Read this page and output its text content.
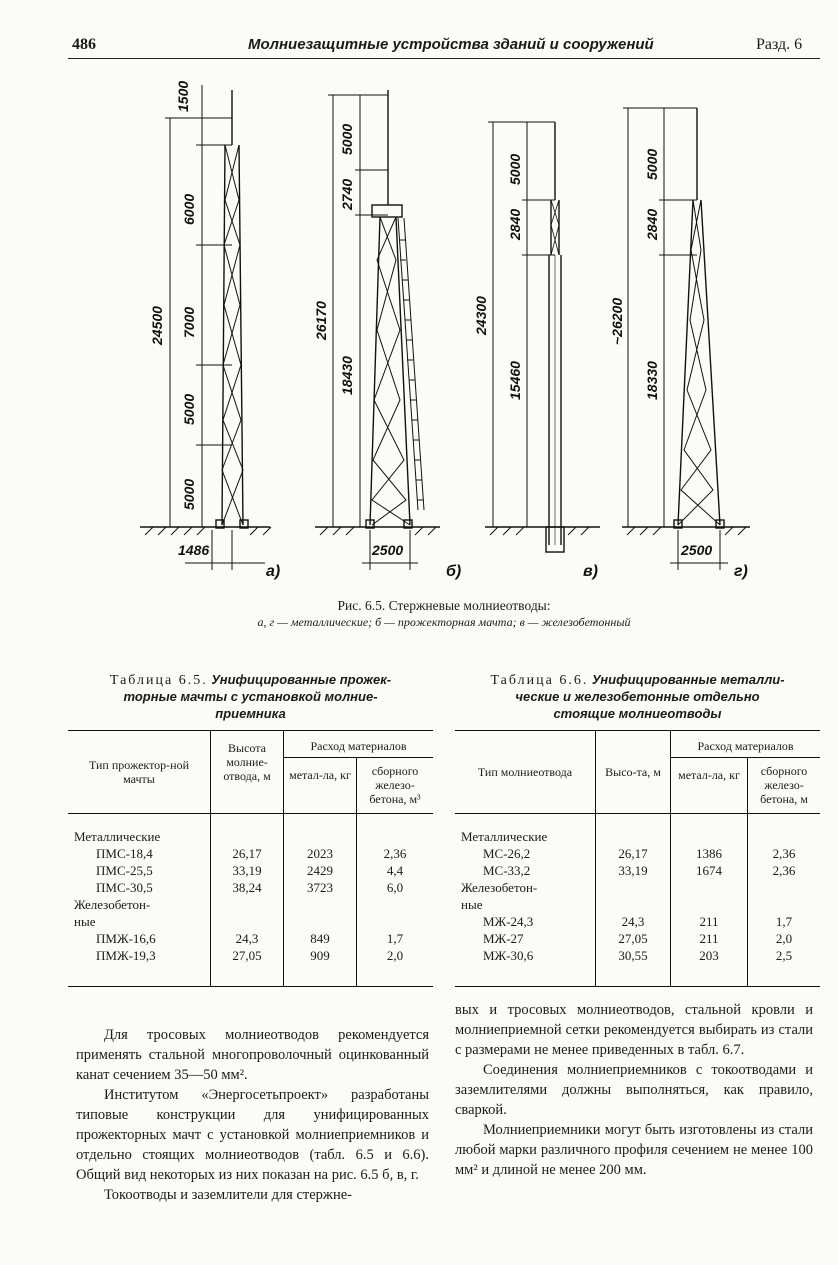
486	Молниезащитные устройства зданий и сооружений	Разд. 6
1500
6000
7000
5000
5000
24500
1486
а)
5000
2740
26170
18430
2500
б)
5000
2840
24300
15460
в)
5000
2840
~26200
18330
2500
г)
Рис. 6.5. Стержневые молниеотводы:
а, г — металлические; б — прожекторная мачта; в — железобетонный
Таблица 6.5. Унифицированные прожек-
торные мачты с установкой молние-
приемника
Тип прожектор-ной мачты	Высота молние-отвода, м	Расход материалов	
		метал-ла, кг	сборного железо-бетона, м³
Металлические			
ПМС-18,4	26,17	2023	2,36
ПМС-25,5	33,19	2429	4,4
ПМС-30,5	38,24	3723	6,0
Железобетон-			
ные			
ПМЖ-16,6	24,3	849	1,7
ПМЖ-19,3	27,05	909	2,0
Таблица 6.6. Унифицированные металли-
ческие и железобетонные отдельно
стоящие молниеотводы
Тип молниеотвода	Высо-та, м	Расход материалов	
		метал-ла, кг	сборного железо-бетона, м
Металлические			
МС-26,2	26,17	1386	2,36
МС-33,2	33,19	1674	2,36
Железобетон-			
ные			
МЖ-24,3	24,3	211	1,7
МЖ-27	27,05	211	2,0
МЖ-30,6	30,55	203	2,5

Для тросовых молниеотводов рекомендуется применять стальной многопроволочный оцинкованный канат сечением 35—50 мм².

Институтом «Энергосетьпроект» разработаны типовые конструкции для унифицированных прожекторных мачт с установкой молниеприемников и отдельно стоящих молниеотводов (табл. 6.5 и 6.6). Общий вид некоторых из них показан на рис. 6.5 б, в, г.

Токоотводы и заземлители для стержне-

вых и тросовых молниеотводов, стальной кровли и молниеприемной сетки рекомендуется выбирать из стали с размерами не менее приведенных в табл. 6.7.

Соединения молниеприемников с токоотводами и заземлителями должны выполняться, как правило, сваркой.

Молниеприемники могут быть изготовлены из стали любой марки различного профиля сечением не менее 100 мм² и длиной не менее 200 мм.
